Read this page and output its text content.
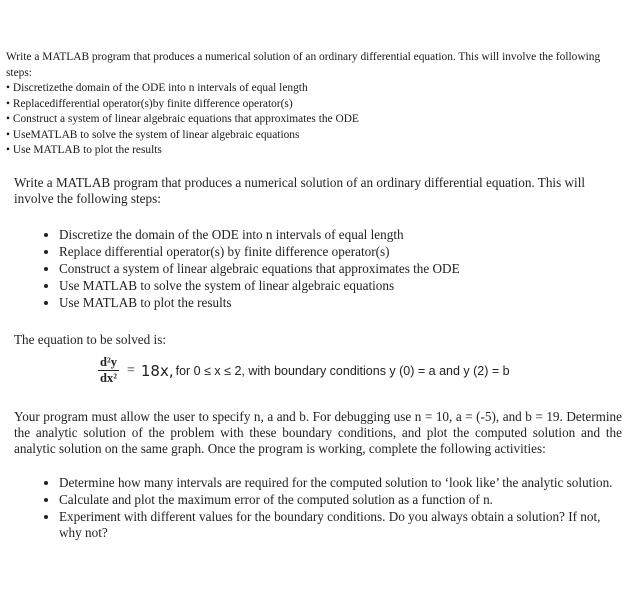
Write a MATLAB program that produces a numerical solution of an ordinary differential equation. This will involve the following steps:

• Discretizethe domain of the ODE into n intervals of equal length
• Replacedifferential operator(s)by finite difference operator(s)
• Construct a system of linear algebraic equations that approximates the ODE
• UseMATLAB to solve the system of linear algebraic equations
• Use MATLAB to plot the results

Write a MATLAB program that produces a numerical solution of an ordinary differential equation. This will involve the following steps:

• Discretize the domain of the ODE into n intervals of equal length
• Replace differential operator(s) by finite difference operator(s)
• Construct a system of linear algebraic equations that approximates the ODE
• Use MATLAB to solve the system of linear algebraic equations
• Use MATLAB to plot the results

The equation to be solved is:

$\frac{\text{d²y}}{\text{dx²}} = 18x$, for 0 ≤ x ≤ 2, with boundary conditions y (0) = a and y (2) = b

Your program must allow the user to specify n, a and b. For debugging use n = 10, a = (-5), and b = 19. Determine the analytic solution of the problem with these boundary conditions, and plot the computed solution and the analytic solution on the same graph. Once the program is working, complete the following activities:

• Determine how many intervals are required for the computed solution to ‘look like’ the analytic solution.
• Calculate and plot the maximum error of the computed solution as a function of n.
• Experiment with different values for the boundary conditions. Do you always obtain a solution? If not, why not?
